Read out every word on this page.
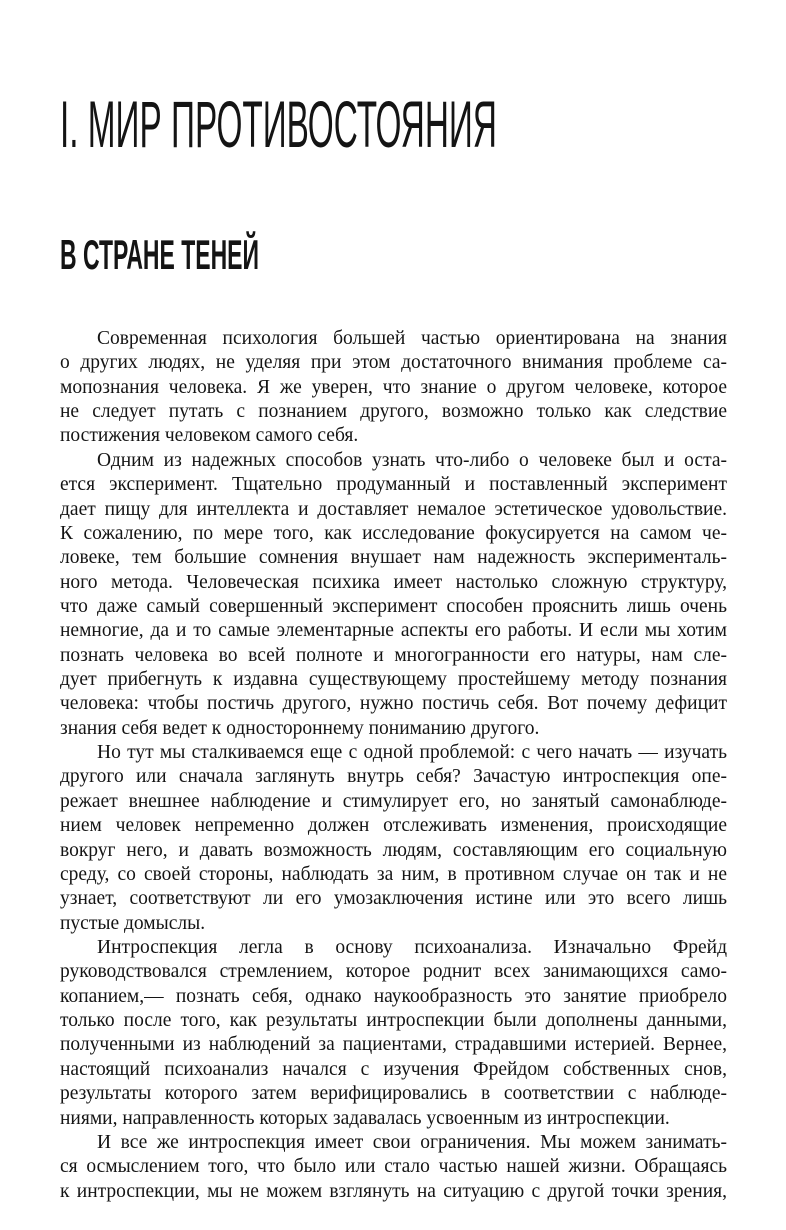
I. МИР ПРОТИВОСТОЯНИЯ
В СТРАНЕ ТЕНЕЙ
Современная психология большей частью ориентирована на знания
о других людях, не уделяя при этом достаточного внимания проблеме са-
мопознания человека. Я же уверен, что знание о другом человеке, которое
не следует путать с познанием другого, возможно только как следствие
постижения человеком самого себя.
Одним из надежных способов узнать что-либо о человеке был и оста-
ется эксперимент. Тщательно продуманный и поставленный эксперимент
дает пищу для интеллекта и доставляет немалое эстетическое удовольствие.
К сожалению, по мере того, как исследование фокусируется на самом че-
ловеке, тем большие сомнения внушает нам надежность эксперименталь-
ного метода. Человеческая психика имеет настолько сложную структуру,
что даже самый совершенный эксперимент способен прояснить лишь очень
немногие, да и то самые элементарные аспекты его работы. И если мы хотим
познать человека во всей полноте и многогранности его натуры, нам сле-
дует прибегнуть к издавна существующему простейшему методу познания
человека: чтобы постичь другого, нужно постичь себя. Вот почему дефицит
знания себя ведет к одностороннему пониманию другого.
Но тут мы сталкиваемся еще с одной проблемой: с чего начать — изучать
другого или сначала заглянуть внутрь себя? Зачастую интроспекция опе-
режает внешнее наблюдение и стимулирует его, но занятый самонаблюде-
нием человек непременно должен отслеживать изменения, происходящие
вокруг него, и давать возможность людям, составляющим его социальную
среду, со своей стороны, наблюдать за ним, в противном случае он так и не
узнает, соответствуют ли его умозаключения истине или это всего лишь
пустые домыслы.
Интроспекция легла в основу психоанализа. Изначально Фрейд
руководствовался стремлением, которое роднит всех занимающихся само-
копанием,— познать себя, однако наукообразность это занятие приобрело
только после того, как результаты интроспекции были дополнены данными,
полученными из наблюдений за пациентами, страдавшими истерией. Вернее,
настоящий психоанализ начался с изучения Фрейдом собственных снов,
результаты которого затем верифицировались в соответствии с наблюде-
ниями, направленность которых задавалась усвоенным из интроспекции.
И все же интроспекция имеет свои ограничения. Мы можем занимать-
ся осмыслением того, что было или стало частью нашей жизни. Обращаясь
к интроспекции, мы не можем взглянуть на ситуацию с другой точки зрения,
